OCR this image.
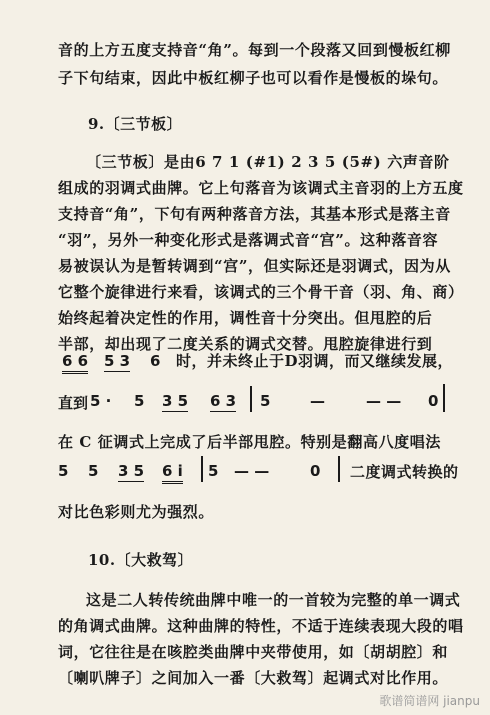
音的上方五度支持音“角”。每到一个段落又回到慢板红柳
子下句结束，因此中板红柳子也可以看作是慢板的垛句。
9.〔三节板〕
〔三节板〕是由6 7 1 (#1) 2 3 5 (5#) 六声音阶
组成的羽调式曲牌。它上句落音为该调式主音羽的上方五度
支持音“角”，下句有两种落音方法，其基本形式是落主音
“羽”，另外一种变化形式是落调式音“宫”。这种落音容
易被误认为是暂转调到“宫”，但实际还是羽调式，因为从
它整个旋律进行来看，该调式的三个骨干音（羽、角、商）
始终起着决定性的作用，调性音十分突出。但甩腔的后
半部，却出现了二度关系的调式交替。甩腔旋律进行到
6 6 5 3 6 时，并未终止于D羽调，而又继续发展，
直到 5 · 5 3 5 6 3 5	—	— — 0
在 C 征调式上完成了后半部甩腔。特别是翻高八度唱法
5 5 3 5 6 i 5 — —	0 二度调式转换的
对比色彩则尤为强烈。
10.〔大救驾〕
这是二人转传统曲牌中唯一的一首较为完整的单一调式
的角调式曲牌。这种曲牌的特性，不适于连续表现大段的唱
词，它往往是在咳腔类曲牌中夹带使用，如〔胡胡腔〕和
〔喇叭牌子〕之间加入一番〔大救驾〕起调式对比作用。
歌谱简谱网 jianpu
